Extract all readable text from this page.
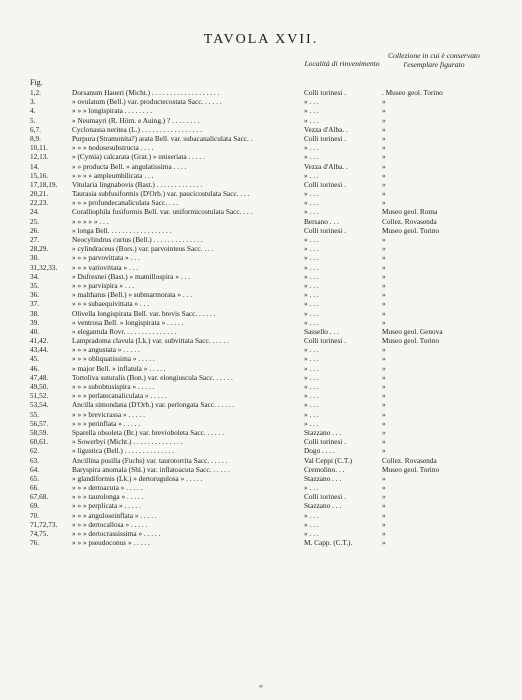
TAVOLA XVII.
Località di rinvenimento
Collezione in cui è conservato l'esemplare figurato
Fig.
1,2.	Dorsanum Haueri (Micht.) . . . . . . . . . . . . . . . . . . .	Colli torinesi .	. Museo geol. Torino
3.	» ovulatum (Bell.) var. productecostata Sacc. . . . . .	» . . .	»
4.	» » » longispirata . . . . . . . .	» . . .	»
5.	» Neumayri (R. Hörn. e Auing.) ? . . . . . . . .	» . . .	»
6,7.	Cyclonassa neritea (L.) . . . . . . . . . . . . . . . . .	Vezza d'Alba. .	»
8,9.	Purpura (Stramonita?) arata Bell. var. subacanaliculata Sacc. .	Colli torinesi .	»
10,11.	» » » nodosesubstructa . . . .	» . . .	»
12,13.	» (Cymia) calcarata (Grat.) » uniseriata . . . . .	» . . .	»
14.	» » producta Bell. » angulatissima . . . .	Vezza d'Alba. .	»
15,16.	» » » » ampleumbilicata . . .	» . . .	»
17,18,19. Vitularia lingnabovis (Bast.) . . . . . . . . . . . . .	Colli torinesi .	»
20,21.	Taurasia subfusiformis (D'Orb.) var. paucicostulata Sacc. . . .	» . . .	»
22,23.	» » » profundecanaliculata Sacc. . . .	» . . .	»
24.	Coralliophila fusiformis Bell. var. uniformicostulata Sacc. . . .	» . . .	Museo geol. Roma
25.	» » » » » . . .	Bersano . . .	Collez. Rovasenda
26.	» longa Bell. . . . . . . . . . . . . . . . . .	Colli torinesi .	Museo geol. Torino
27.	Neocylindrus curtus (Bell.) . . . . . . . . . . . . . .	» . . .	»
28,29.	» cylindraceus (Bors.) var. parvointeus Sacc. . . .	» . . .	»
30.	» » » parvovittata » . . .	» . . .	»
31,32,33. » » » variovittata » . . .	» . . .	»
34.	» Dufresnei (Bast.) » mamillospira » . . .	» . . .	»
35.	» » » parvispira » . . .	» . . .	»
36.	» malthatus (Bell.) » submarmorata » . . .	» . . .	»
37.	» » » subaequivittata » . . .	» . . .	»
38.	Olivella longispirata Bell. var. brevis Sacc. . . . . .	» . . .	»
39.	» ventrosa Bell. » longispirata » . . . . .	» . . .	»
40.	» elegantula Rovr. . . . . . . . . . . . . . .	Sassello . . .	Museo geol. Genova
41,42.	Lampradoma clavula (Lk.) var. subvittata Sacc. . . . . .	Colli torinesi .	Museo geol. Torino
43,44.	» » » angustata » . . . . .	» . . .	»
45.	» » » obliquatissima » . . . . .	» . . .	»
46.	» major Bell. » inflatula » . . . . .	» . . .	»
47,48.	Tortoliva suturalis (Bon.) var. elongiuscula Sacc. . . . . .	» . . .	»
49,50.	» » » subobtusispira » . . . . .	» . . .	»
51,52.	» » » perlatecanaliculata » . . . . .	» . . .	»
53,54.	Ancilla simondana (D'Orb.) var. perlongata Sacc. . . . . .	» . . .	»
55.	» » » brevicrassa » . . . . .	» . . .	»
56,57.	» » » perinflata » . . . . .	» . . .	»
58,59.	Sparella obsoleta (Br.) var. brevioboleta Sacc. . . . . .	Stazzano . . .	»
60,61.	» Sowerbyi (Micht.) . . . . . . . . . . . . . .	Colli torinesi .	»
62.	» ligustica (Bell.) . . . . . . . . . . . . . .	Dogo . . . .	»
63.	Ancillina pusilla (Fuchs) var. taurotorrita Sacc. . . . . .	Val Ceppi (C.T.)	Collez. Rovasenda
64.	Baryspira anomala (Shl.) var. inflatoacuta Sacc. . . . . .	Cremolino. . .	Museo geol. Torino
65.	» glandiformis (Lk.) » dertorugulosa » . . . . .	Stazzano . . .	»
66.	» » » dertoacuta » . . . . .	» . . .	»
67,68.	» » » taurolonga » . . . . .	Colli torinesi .	»
69.	» » » perplicata » . . . . .	Stazzano . . .	»
70.	» » » anguloseinflata » . . . . .	» . . .	»
71,72,73. » » » dertocallosa » . . . . .	» . . .	»
74,75.	» » » dertocrassissima » . . . . .	» . . .	»
76.	» » » pseudoconus » . . . . .	M. Capp. (C.T.).	»
*
